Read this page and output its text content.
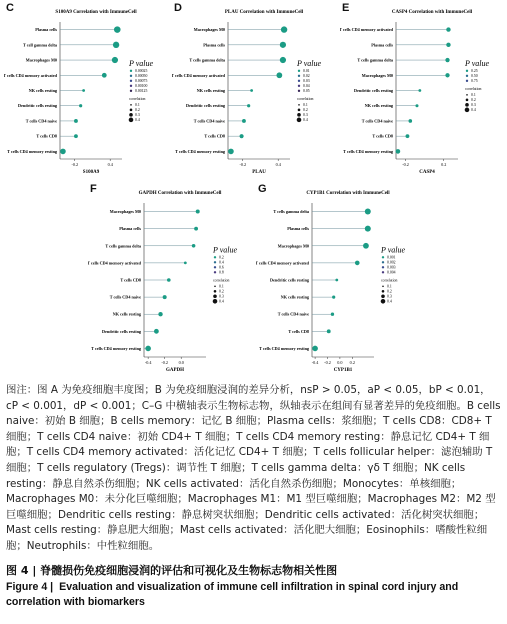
C	S100A9 Correlation with ImmuneCell
Plasma cells
T cell gamma delta
Macrophages M0
T cells CD4 memory activated
NK cells resting
Dendritic cells resting
T cells CD4 naive
T cells CD8
T cells CD4 memory resting
-0.2	0.4
S100A9
P value
0.00025
0.00050
0.00075
0.00100
0.00125
correlation
0.1
0.2
0.3
0.4
D	PLAU Correlation with ImmuneCell
Macrophages M0
Plasma cells
T cells gamma delta
T cells CD4 memory activated
NK cells resting
Dendritic cells resting
T cells CD4 naive
T cells CD8
T cells CD4 memory resting
-0.2	0.4
PLAU
P value
0.01
0.02
0.03
0.04
0.05
correlation
0.1
0.2
0.3
0.4
E	CASP4 Correlation with ImmuneCell
T cells CD4 memory activated
Plasma cells
T cells gamma delta
Macrophages M0
Dendritic cells resting
NK cells resting
T cells CD4 naive
T cells CD8
T cells CD4 memory resting
-0.2	0.2
CASP4
P value
0.25
0.50
0.75
correlation
0.1
0.2
0.3
0.4
F	GAPDH Correlation with ImmuneCell
Macrophages M0
Plasma cells
T cells gamma delta
T cells CD4 memory activated
T cells CD8
T cells CD4 naive
NK cells resting
Dendritic cells resting
T cells CD4 memory resting
-0.4 -0.2	0.0
GAPDH
P value
0.2
0.4
0.6
0.8
correlation
0.1
0.2
0.3
0.4
G	CYP1B1 Correlation with ImmuneCell
T cells gamma delta
Plasma cells
Macrophages M0
T cells CD4 memory activated
Dendritic cells resting
NK cells resting
T cells CD4 naive
T cells CD8
T cells CD4 memory resting
-0.4 -0.2 0.0 0.2
CYP1B1
P value
0.001
0.002
0.003
0.004
correlation
0.1
0.2
0.3
0.4
图注：图 A 为免疫细胞丰度图；B 为免疫细胞浸润的差异分析，nsP > 0.05，aP < 0.05，bP < 0.01，cP < 0.001，dP < 0.001；C–G 中横轴表示生物标志物，纵轴表示在组间有显著差异的免疫细胞。B cells naive：初始 B 细胞；B cells memory：记忆 B 细胞；Plasma cells：浆细胞；T cells CD8：CD8+ T 细胞；T cells CD4 naive：初始 CD4+ T 细胞；T cells CD4 memory resting：静息记忆 CD4+ T 细胞；T cells CD4 memory activated：活化记忆 CD4+ T 细胞；T cells follicular helper：滤泡辅助 T 细胞；T cells regulatory (Tregs)：调节性 T 细胞；T cells gamma delta：γδ T 细胞；NK cells resting：静息自然杀伤细胞；NK cells activated：活化自然杀伤细胞；Monocytes：单核细胞；Macrophages M0：未分化巨噬细胞；Macrophages M1：M1 型巨噬细胞；Macrophages M2：M2 型巨噬细胞；Dendritic cells resting：静息树突状细胞；Dendritic cells activated：活化树突状细胞；Mast cells resting：静息肥大细胞；Mast cells activated：活化肥大细胞；Eosinophils：嗜酸性粒细胞；Neutrophils：中性粒细胞。
图 4 | 脊髓损伤免疫细胞浸润的评估和可视化及生物标志物相关性图
Figure 4 | Evaluation and visualization of immune cell infiltration in spinal cord injury and correlation with biomarkers
